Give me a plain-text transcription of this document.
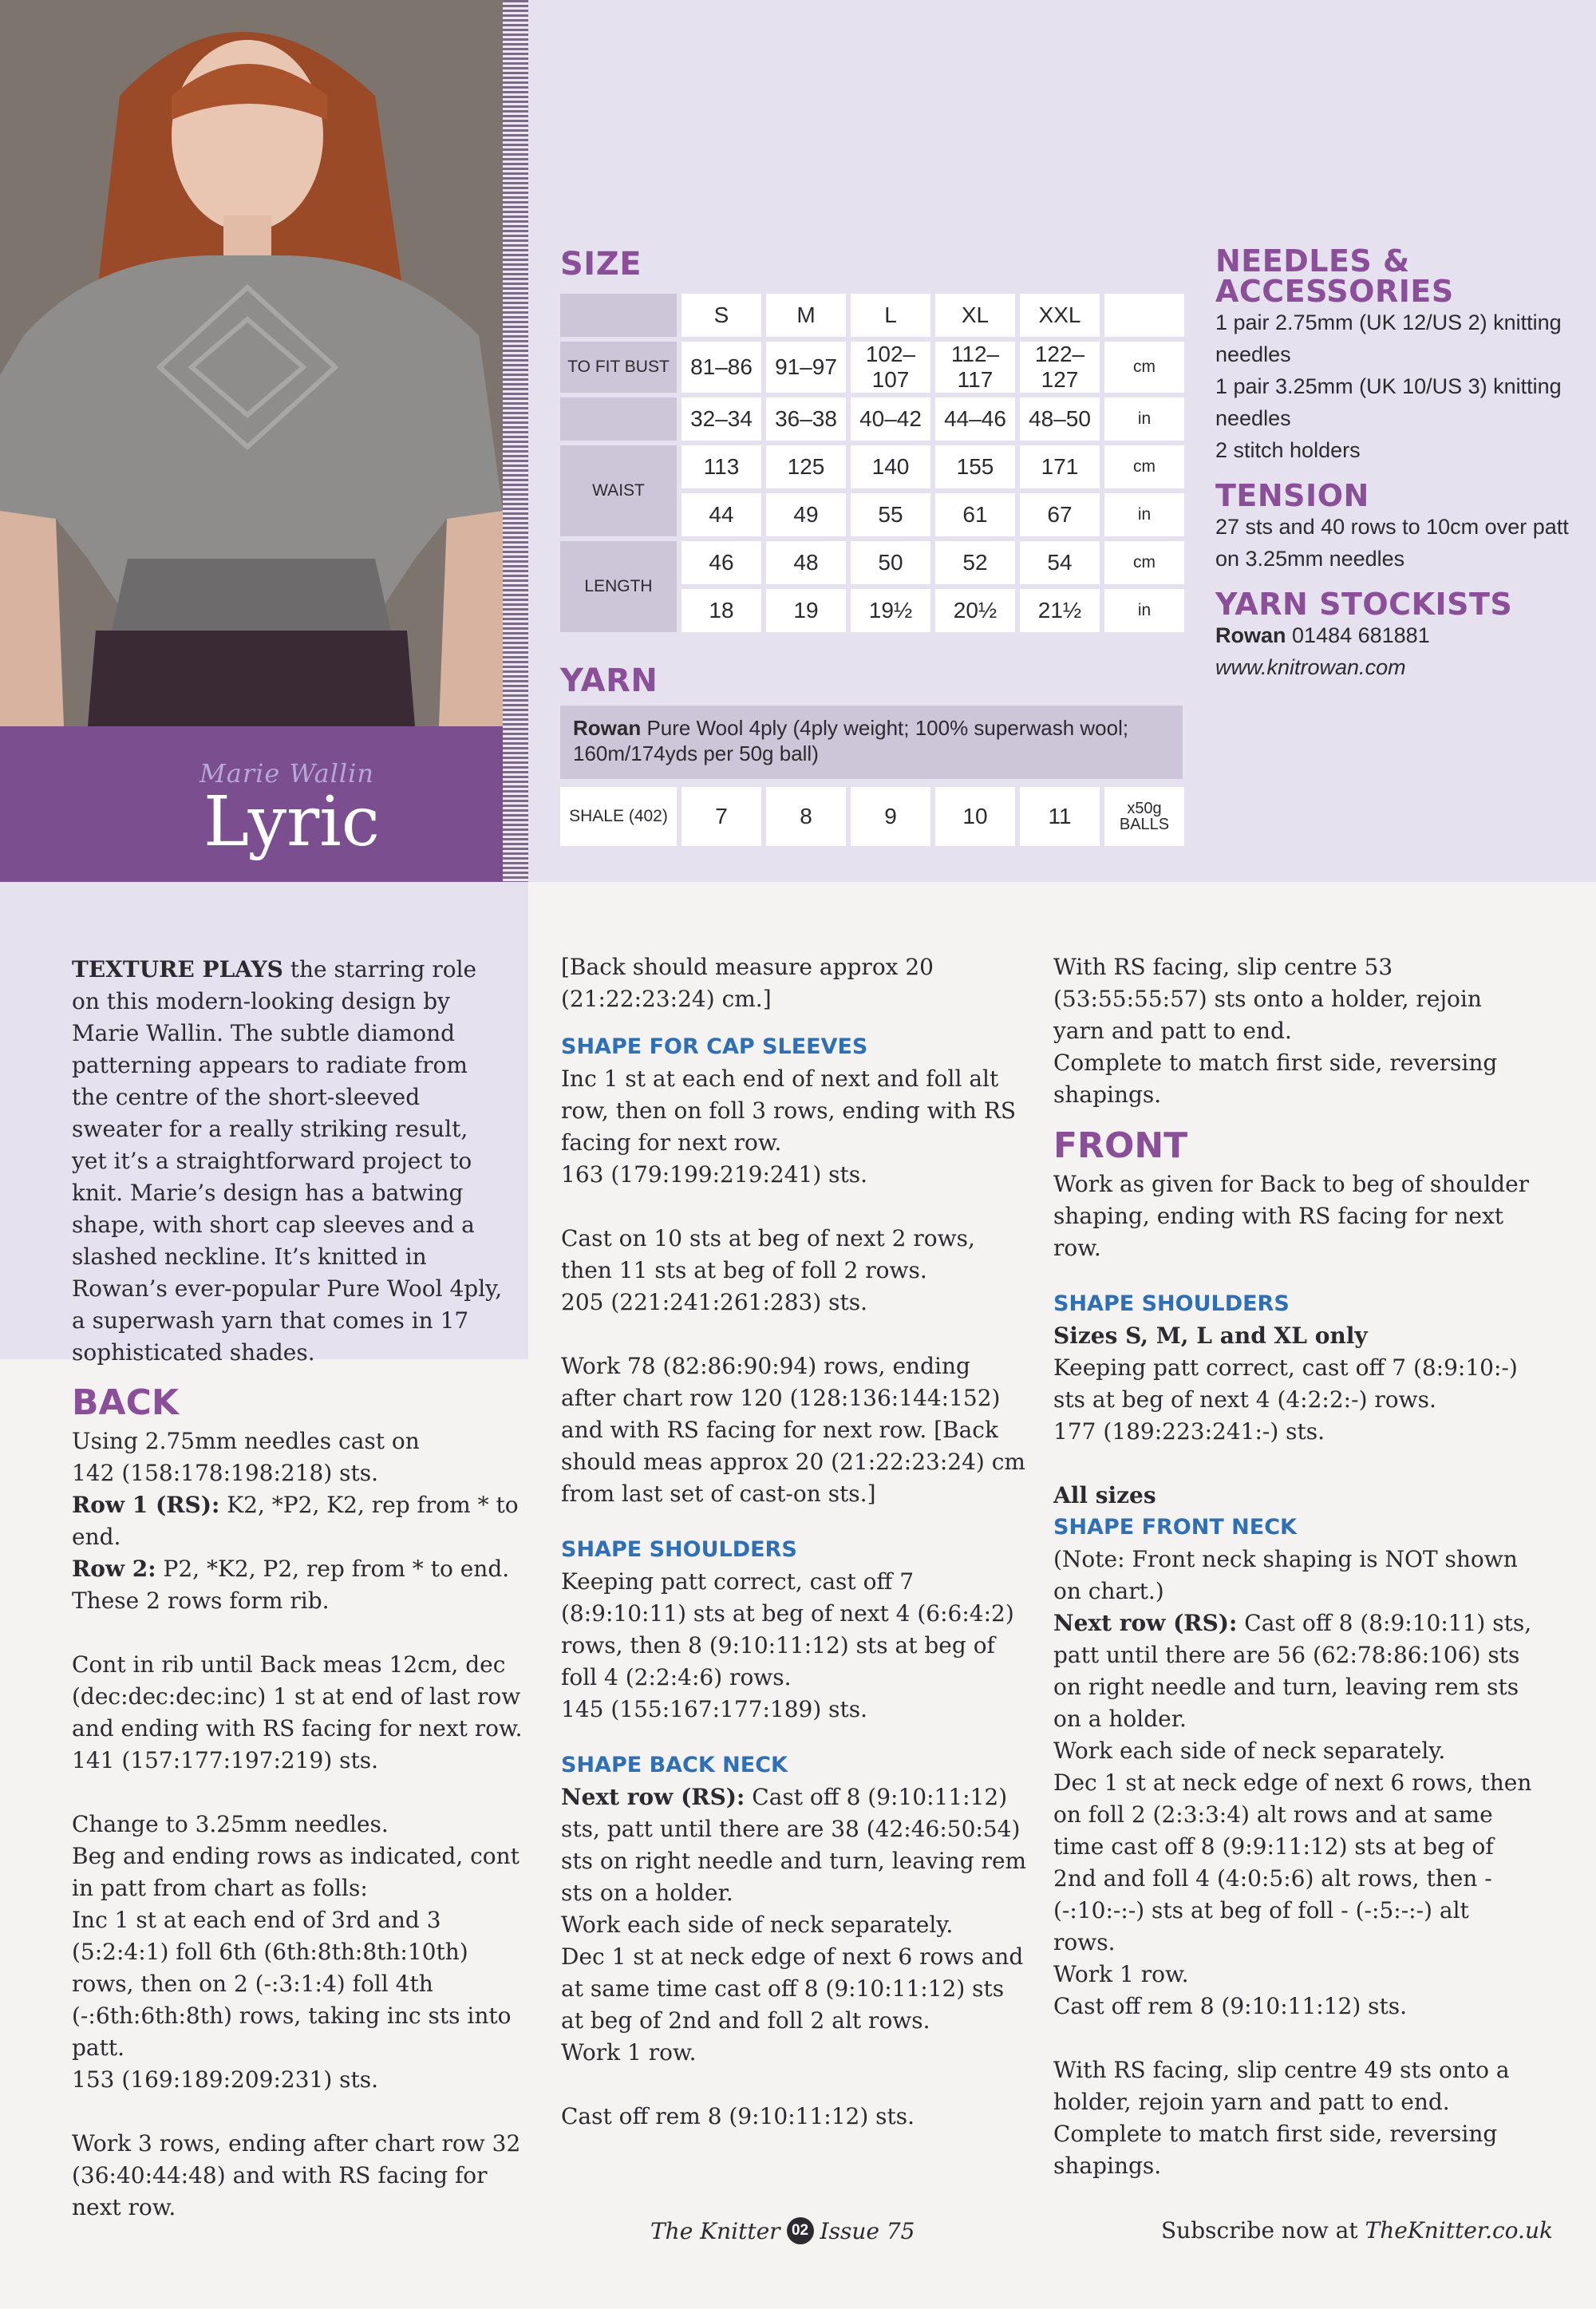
Marie Wallin
Lyric
SIZE
	S	M	L	XL	XXL	
TO FIT BUST	81–86	91–97	102–107	112–117	122–127	cm
	32–34	36–38	40–42	44–46	48–50	in
WAIST	113	125	140	155	171	cm
	44	49	55	61	67	in
LENGTH	46	48	50	52	54	cm
	18	19	19½	20½	21½	in
YARN
Rowan Pure Wool 4ply (4ply weight; 100% superwash wool; 160m/174yds per 50g ball)
SHALE (402)	7	8	9	10	11	x50g
BALLS
NEEDLES &
ACCESSORIES

1 pair 2.75mm (UK 12/US 2) knitting needles

1 pair 3.25mm (UK 10/US 3) knitting needles

2 stitch holders

TENSION

27 sts and 40 rows to 10cm over patt on 3.25mm needles

YARN STOCKISTS

Rowan 01484 681881

www.knitrowan.com

TEXTURE PLAYS the starring role on this modern-looking design by Marie Wallin. The subtle diamond patterning appears to radiate from the centre of the short-sleeved sweater for a really striking result, yet it’s a straightforward project to knit. Marie’s design has a batwing shape, with short cap sleeves and a slashed neckline. It’s knitted in Rowan’s ever-popular Pure Wool 4ply, a superwash yarn that comes in 17 sophisticated shades.

BACK

Using 2.75mm needles cast on

142 (158:178:198:218) sts.

Row 1 (RS): K2, *P2, K2, rep from * to end.

Row 2: P2, *K2, P2, rep from * to end.

These 2 rows form rib.

Cont in rib until Back meas 12cm, dec (dec:dec:dec:inc) 1 st at end of last row and ending with RS facing for next row.

141 (157:177:197:219) sts.

Change to 3.25mm needles.

Beg and ending rows as indicated, cont in patt from chart as folls:

Inc 1 st at each end of 3rd and 3 (5:2:4:1) foll 6th (6th:8th:8th:10th) rows, then on 2 (-:3:1:4) foll 4th (-:6th:6th:8th) rows, taking inc sts into patt.

153 (169:189:209:231) sts.

Work 3 rows, ending after chart row 32 (36:40:44:48) and with RS facing for next row.

[Back should measure approx 20 (21:22:23:24) cm.]

SHAPE FOR CAP SLEEVES

Inc 1 st at each end of next and foll alt row, then on foll 3 rows, ending with RS facing for next row.

163 (179:199:219:241) sts.

Cast on 10 sts at beg of next 2 rows, then 11 sts at beg of foll 2 rows.

205 (221:241:261:283) sts.

Work 78 (82:86:90:94) rows, ending after chart row 120 (128:136:144:152) and with RS facing for next row. [Back should meas approx 20 (21:22:23:24) cm from last set of cast-on sts.]

SHAPE SHOULDERS

Keeping patt correct, cast off 7 (8:9:10:11) sts at beg of next 4 (6:6:4:2) rows, then 8 (9:10:11:12) sts at beg of foll 4 (2:2:4:6) rows.

145 (155:167:177:189) sts.

SHAPE BACK NECK

Next row (RS): Cast off 8 (9:10:11:12) sts, patt until there are 38 (42:46:50:54) sts on right needle and turn, leaving rem sts on a holder.

Work each side of neck separately.

Dec 1 st at neck edge of next 6 rows and at same time cast off 8 (9:10:11:12) sts at beg of 2nd and foll 2 alt rows.

Work 1 row.

Cast off rem 8 (9:10:11:12) sts.

With RS facing, slip centre 53 (53:55:55:57) sts onto a holder, rejoin yarn and patt to end.

Complete to match first side, reversing shapings.

FRONT

Work as given for Back to beg of shoulder shaping, ending with RS facing for next row.

SHAPE SHOULDERS

Sizes S, M, L and XL only

Keeping patt correct, cast off 7 (8:9:10:-) sts at beg of next 4 (4:2:2:-) rows.

177 (189:223:241:-) sts.

All sizes

SHAPE FRONT NECK

(Note: Front neck shaping is NOT shown on chart.)

Next row (RS): Cast off 8 (8:9:10:11) sts, patt until there are 56 (62:78:86:106) sts on right needle and turn, leaving rem sts on a holder.

Work each side of neck separately.

Dec 1 st at neck edge of next 6 rows, then on foll 2 (2:3:3:4) alt rows and at same time cast off 8 (9:9:11:12) sts at beg of 2nd and foll 4 (4:0:5:6) alt rows, then - (-:10:-:-) sts at beg of foll - (-:5:-:-) alt rows.

Work 1 row.

Cast off rem 8 (9:10:11:12) sts.

With RS facing, slip centre 49 sts onto a holder, rejoin yarn and patt to end.

Complete to match first side, reversing shapings.

The Knitter 02 Issue 75	Subscribe now at TheKnitter.co.uk
